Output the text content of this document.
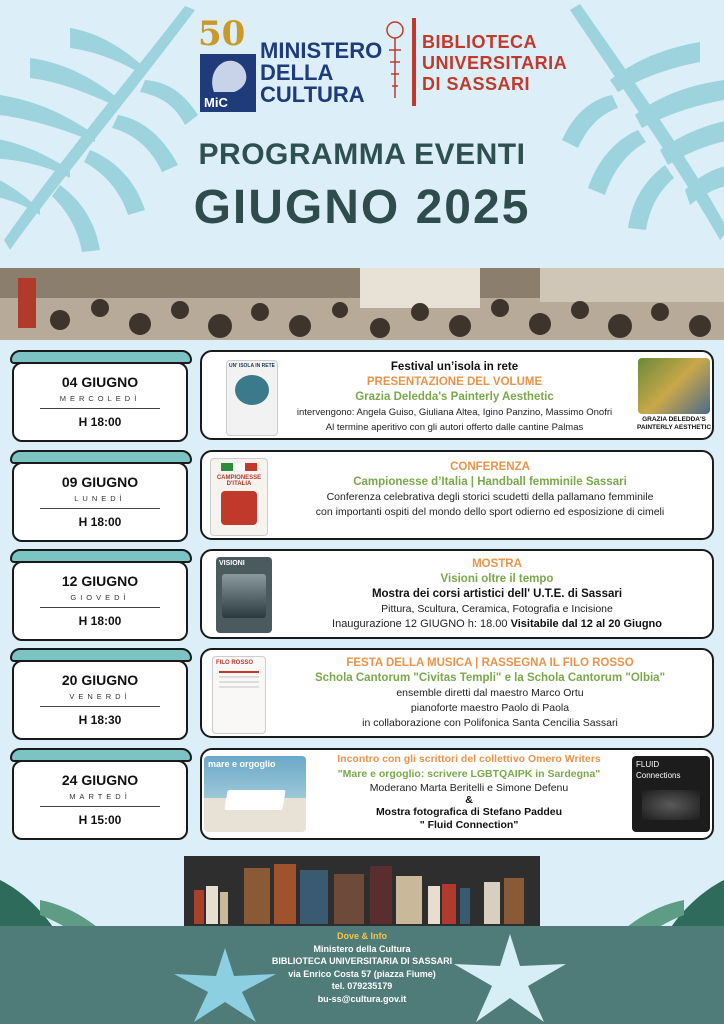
50
MiC
MINISTERO
DELLA
CULTURA
BIBLIOTECA
UNIVERSITARIA
DI SASSARI
PROGRAMMA EVENTI
GIUGNO 2025
04 GIUGNO
MERCOLEDÌ
H 18:00
UN' ISOLA IN RETE	Festival un’isola in rete
PRESENTAZIONE DEL VOLUME
Grazia Deledda's Painterly Aesthetic
intervengono: Angela Guiso, Giuliana Altea, Igino Panzino, Massimo Onofri
Al termine aperitivo con gli autori offerto dalle cantine Palmas
GRAZIA DELEDDA'S PAINTERLY AESTHETIC
09 GIUGNO
LUNEDÌ
H 18:00
CAMPIONESSE D'ITALIA
CONFERENZA
Campionesse d’Italia | Handball femminile Sassari
Conferenza celebrativa degli storici scudetti della pallamano femminile
con importanti ospiti del mondo dello sport odierno ed esposizione di cimeli
12 GIUGNO
GIOVEDÌ
H 18:00
VISIONI	MOSTRA
Visioni oltre il tempo
Mostra dei corsi artistici dell' U.T.E. di Sassari
Pittura, Scultura, Ceramica, Fotografia e Incisione
Inaugurazione 12 GIUGNO h: 18.00 Visitabile dal 12 al 20 Giugno
20 GIUGNO
VENERDÌ
H 18:30
FILO ROSSO	FESTA DELLA MUSICA | RASSEGNA IL FILO ROSSO
Schola Cantorum "Civitas Templi" e la Schola Cantorum "Olbia"
ensemble diretti dal maestro Marco Ortu
pianoforte maestro Paolo di Paola
in collaborazione con Polifonica Santa Cencilia Sassari
24 GIUGNO
MARTEDÌ
H 15:00
mare e orgoglio	Incontro con gli scrittori del collettivo Omero Writers
"Mare e orgoglio: scrivere LGBTQAIPK in Sardegna"
Moderano Marta Beritelli e Simone Defenu
&
Mostra fotografica di Stefano Paddeu
" Fluid Connection"
FLUID Connections
Dove & Info
Ministero della Cultura
BIBLIOTECA UNIVERSITARIA DI SASSARI
via Enrico Costa 57 (piazza Fiume)
tel. 079235179
bu-ss@cultura.gov.it
